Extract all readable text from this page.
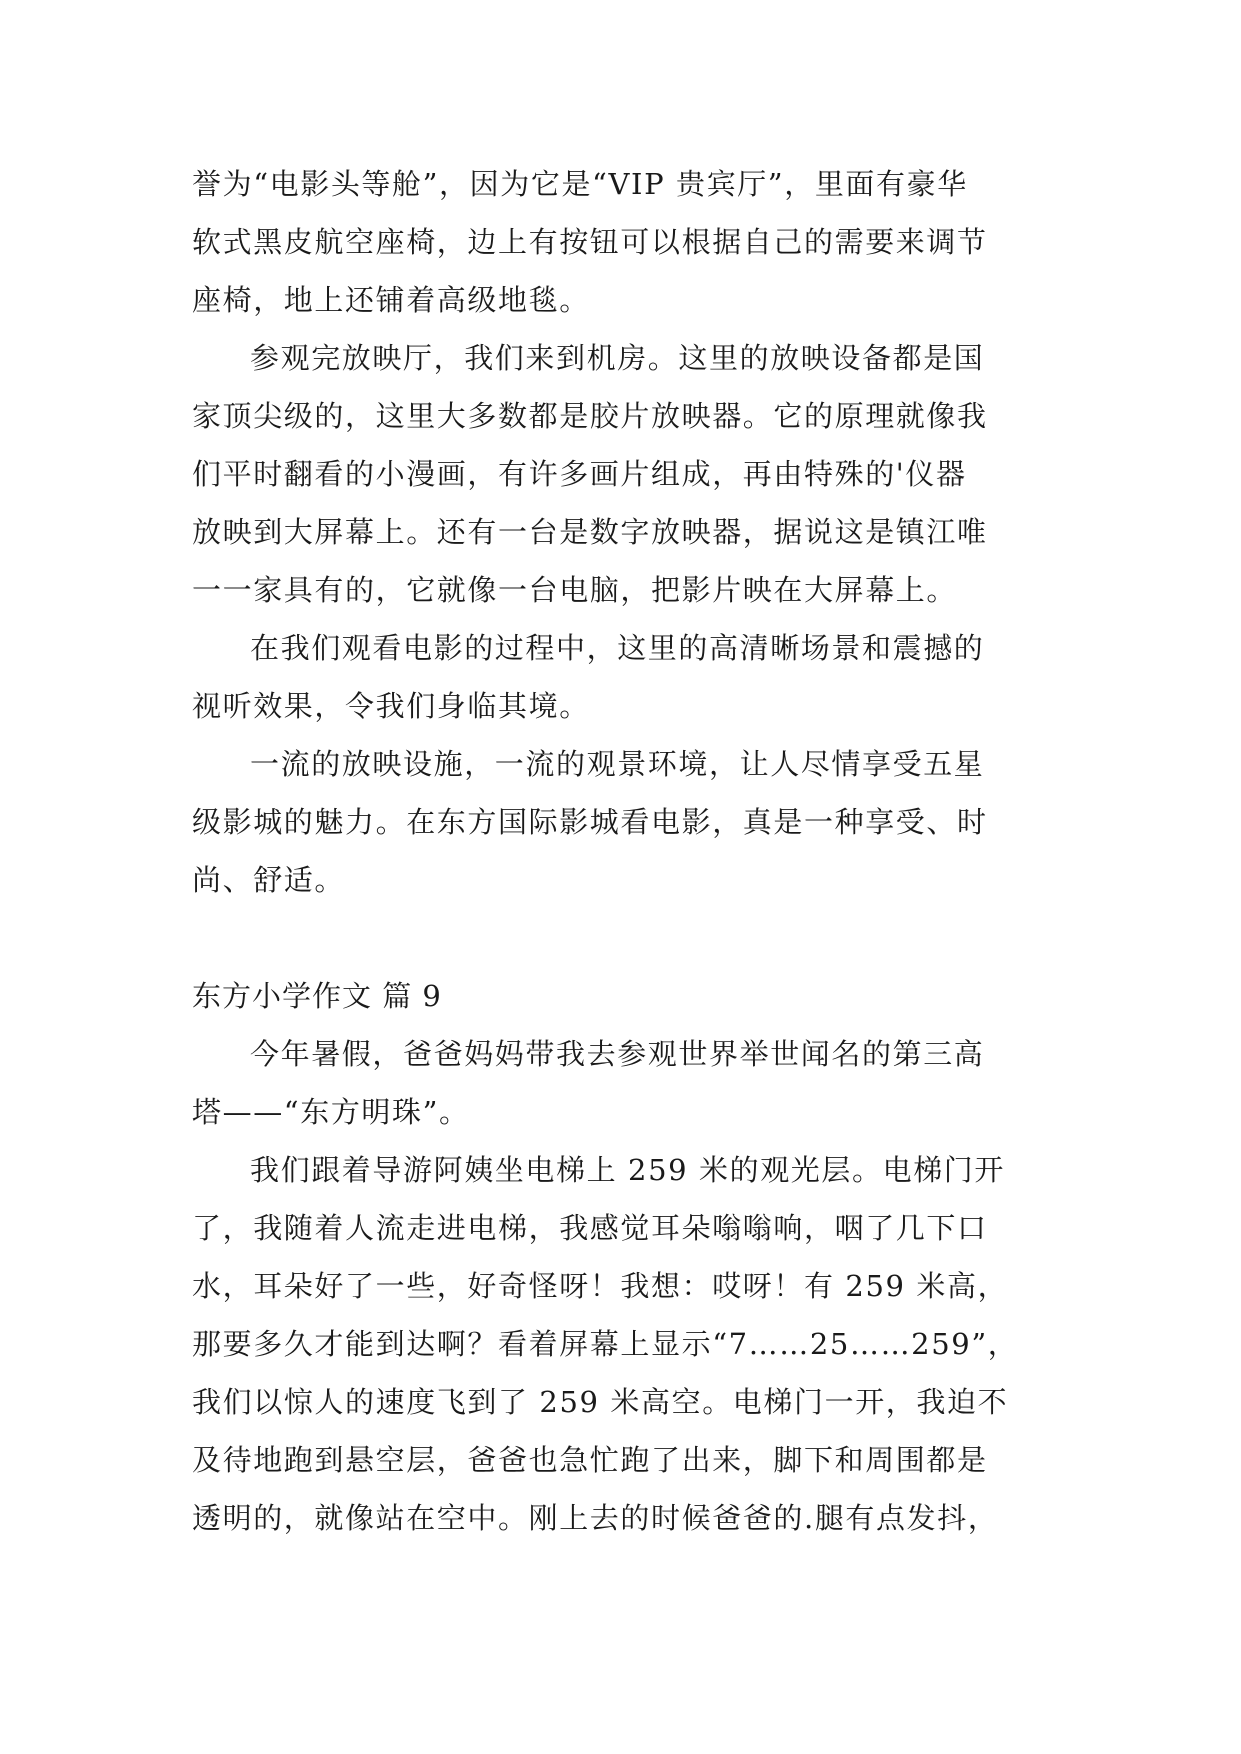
誉为“电影头等舱”，因为它是“VIP 贵宾厅”，里面有豪华
软式黑皮航空座椅，边上有按钮可以根据自己的需要来调节
座椅，地上还铺着高级地毯。
参观完放映厅，我们来到机房。这里的放映设备都是国
家顶尖级的，这里大多数都是胶片放映器。它的原理就像我
们平时翻看的小漫画，有许多画片组成，再由特殊的'仪器
放映到大屏幕上。还有一台是数字放映器，据说这是镇江唯
一一家具有的，它就像一台电脑，把影片映在大屏幕上。
在我们观看电影的过程中，这里的高清晰场景和震撼的
视听效果，令我们身临其境。
一流的放映设施，一流的观景环境，让人尽情享受五星
级影城的魅力。在东方国际影城看电影，真是一种享受、时
尚、舒适。
东方小学作文 篇 9
今年暑假，爸爸妈妈带我去参观世界举世闻名的第三高
塔——“东方明珠”。
我们跟着导游阿姨坐电梯上 259 米的观光层。电梯门开
了，我随着人流走进电梯，我感觉耳朵嗡嗡响，咽了几下口
水，耳朵好了一些，好奇怪呀！我想：哎呀！有 259 米高，
那要多久才能到达啊？看着屏幕上显示“7……25……259”，
我们以惊人的速度飞到了 259 米高空。电梯门一开，我迫不
及待地跑到悬空层，爸爸也急忙跑了出来，脚下和周围都是
透明的，就像站在空中。刚上去的时候爸爸的.腿有点发抖，
